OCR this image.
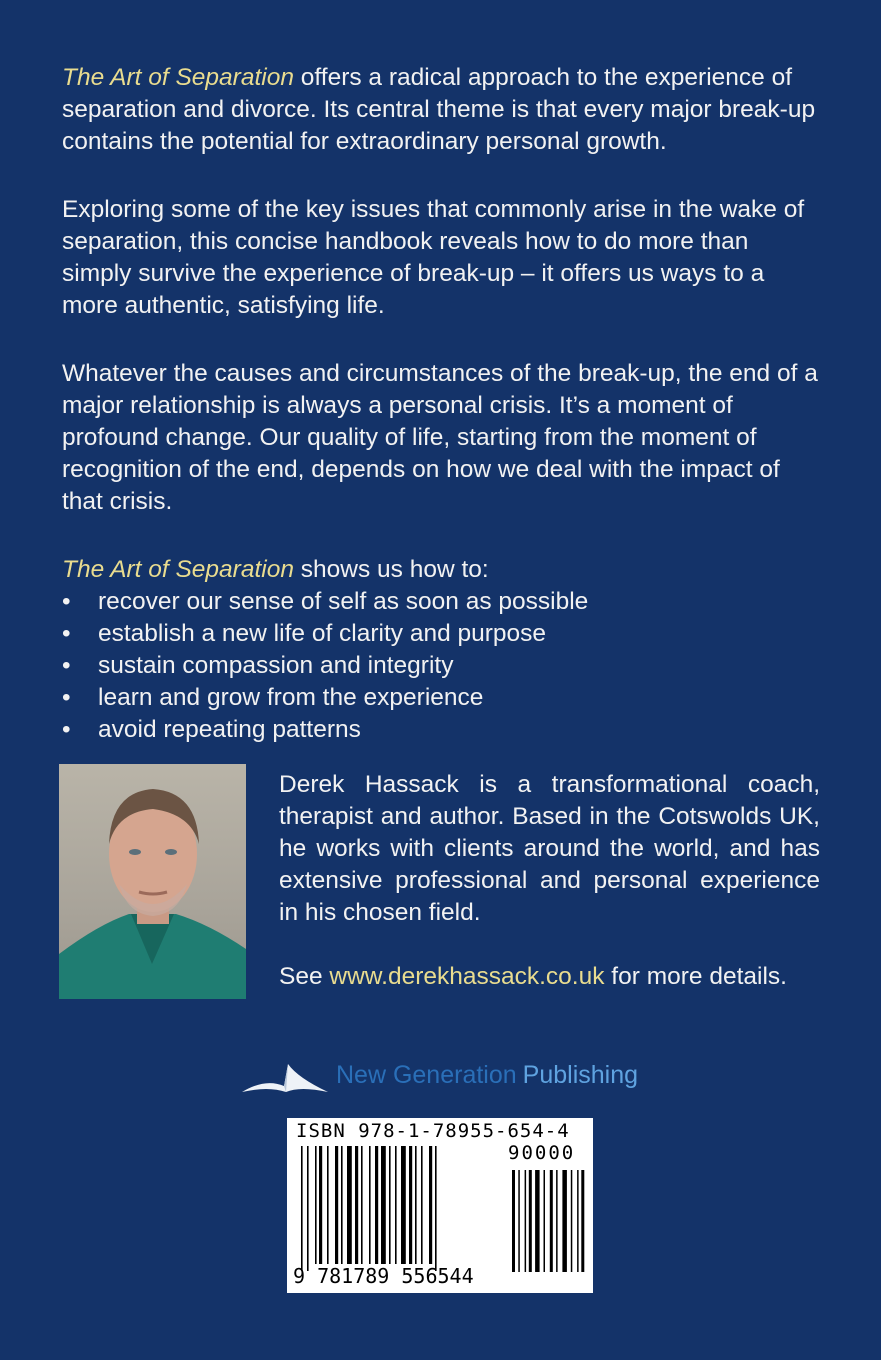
The Art of Separation offers a radical approach to the experience of separation and divorce. Its central theme is that every major break-up contains the potential for extraordinary personal growth.

Exploring some of the key issues that commonly arise in the wake of separation, this concise handbook reveals how to do more than simply survive the experience of break-up – it offers us ways to a more authentic, satisfying life.

Whatever the causes and circumstances of the break-up, the end of a major relationship is always a personal crisis. It’s a moment of profound change. Our quality of life, starting from the moment of recognition of the end, depends on how we deal with the impact of that crisis.

The Art of Separation shows us how to:
• recover our sense of self as soon as possible
• establish a new life of clarity and purpose
• sustain compassion and integrity
• learn and grow from the experience
• avoid repeating patterns

Derek Hassack is a transformational coach, therapist and author. Based in the Cotswolds UK, he works with clients around the world, and has extensive professional and personal experience in his chosen field.

See www.derekhassack.co.uk for more details.

New Generation Publishing
ISBN 978-1-78955-654-4
90000
9 781789 556544
